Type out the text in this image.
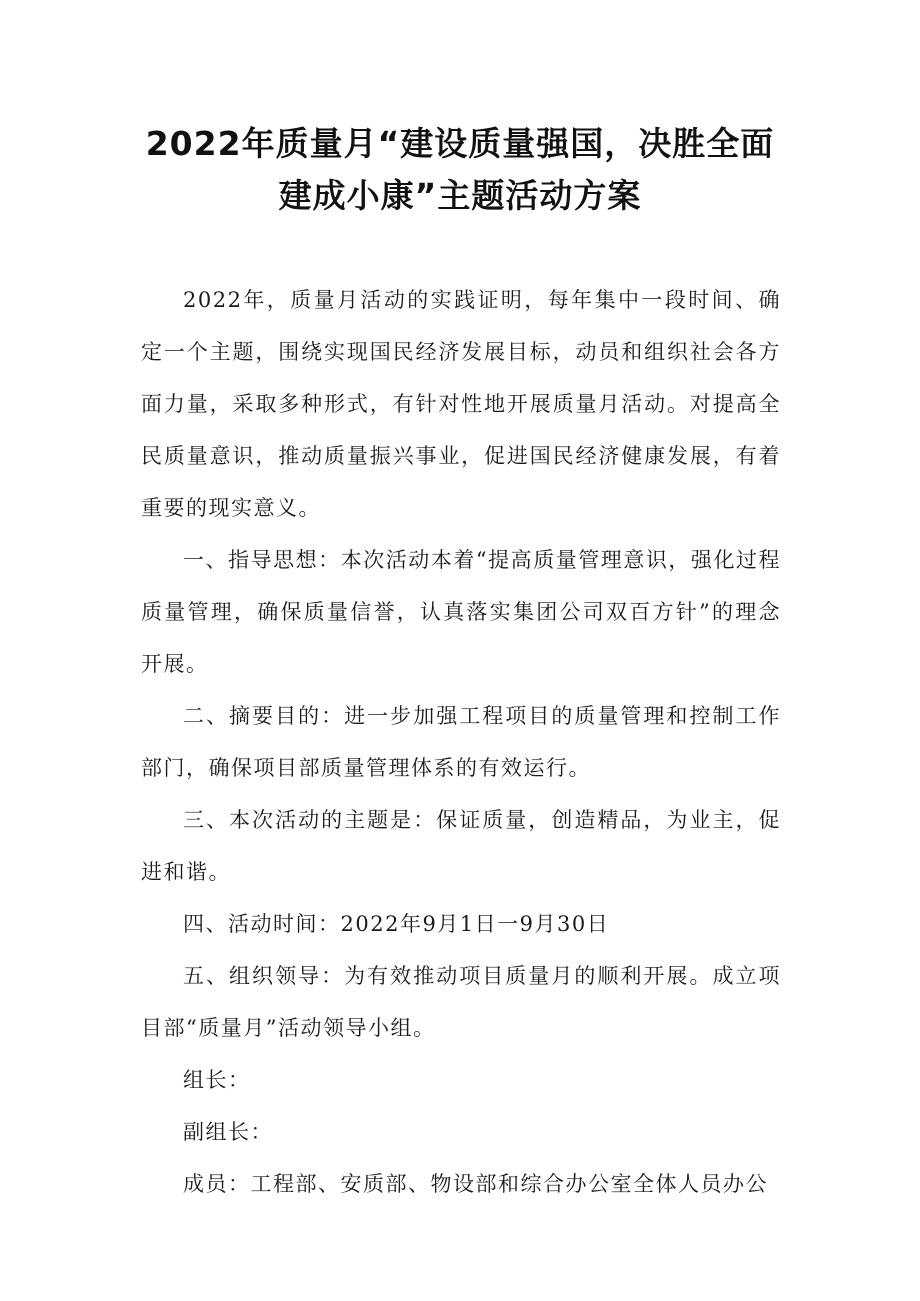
2022年质量月“建设质量强国，决胜全面
建成小康”主题活动方案

2022年，质量月活动的实践证明，每年集中一段时间、确定一个主题，围绕实现国民经济发展目标，动员和组织社会各方面力量，采取多种形式，有针对性地开展质量月活动。对提高全民质量意识，推动质量振兴事业，促进国民经济健康发展，有着重要的现实意义。

一、指导思想：本次活动本着“提高质量管理意识，强化过程质量管理，确保质量信誉，认真落实集团公司双百方针”的理念开展。

二、摘要目的：进一步加强工程项目的质量管理和控制工作部门，确保项目部质量管理体系的有效运行。

三、本次活动的主题是：保证质量，创造精品，为业主，促进和谐。

四、活动时间：2022年9月1日一9月30日

五、组织领导：为有效推动项目质量月的顺利开展。成立项目部“质量月”活动领导小组。

组长：

副组长：

成员：工程部、安质部、物设部和综合办公室全体人员办公
